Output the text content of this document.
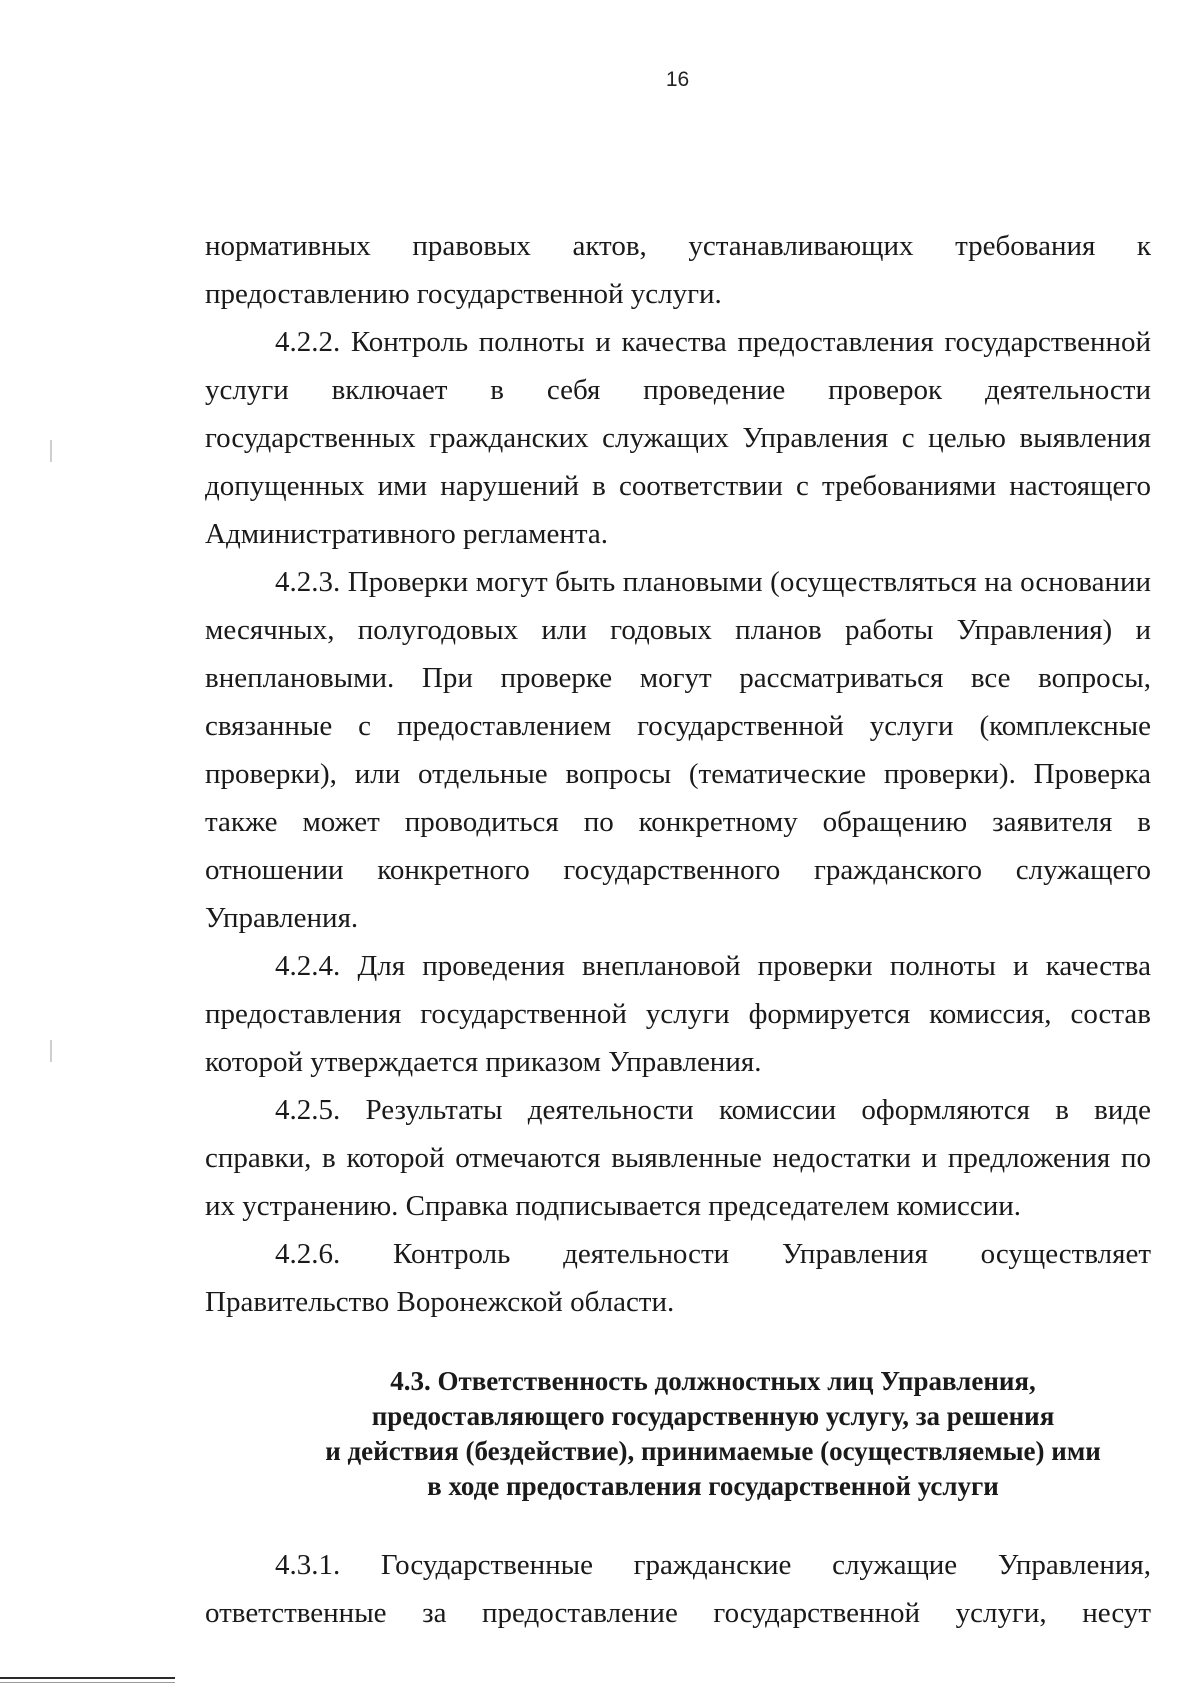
16

нормативных правовых актов, устанавливающих требования к

предоставлению государственной услуги.

4.2.2. Контроль полноты и качества предоставления государственной услуги включает в себя проведение проверок деятельности государственных гражданских служащих Управления с целью выявления допущенных ими нарушений в соответствии с требованиями настоящего Административного регламента.

4.2.3. Проверки могут быть плановыми (осуществляться на основании месячных, полугодовых или годовых планов работы Управления) и внеплановыми. При проверке могут рассматриваться все вопросы, связанные с предоставлением государственной услуги (комплексные проверки), или отдельные вопросы (тематические проверки). Проверка также может проводиться по конкретному обращению заявителя в отношении конкретного государственного гражданского служащего Управления.

4.2.4. Для проведения внеплановой проверки полноты и качества предоставления государственной услуги формируется комиссия, состав которой утверждается приказом Управления.

4.2.5. Результаты деятельности комиссии оформляются в виде справки, в которой отмечаются выявленные недостатки и предложения по их устранению. Справка подписывается председателем комиссии.

4.2.6. Контроль деятельности Управления осуществляет Правительство Воронежской области.

4.3. Ответственность должностных лиц Управления,
предоставляющего государственную услугу, за решения
и действия (бездействие), принимаемые (осуществляемые) ими
в ходе предоставления государственной услуги

4.3.1. Государственные гражданские служащие Управления, ответственные за предоставление государственной услуги, несут
